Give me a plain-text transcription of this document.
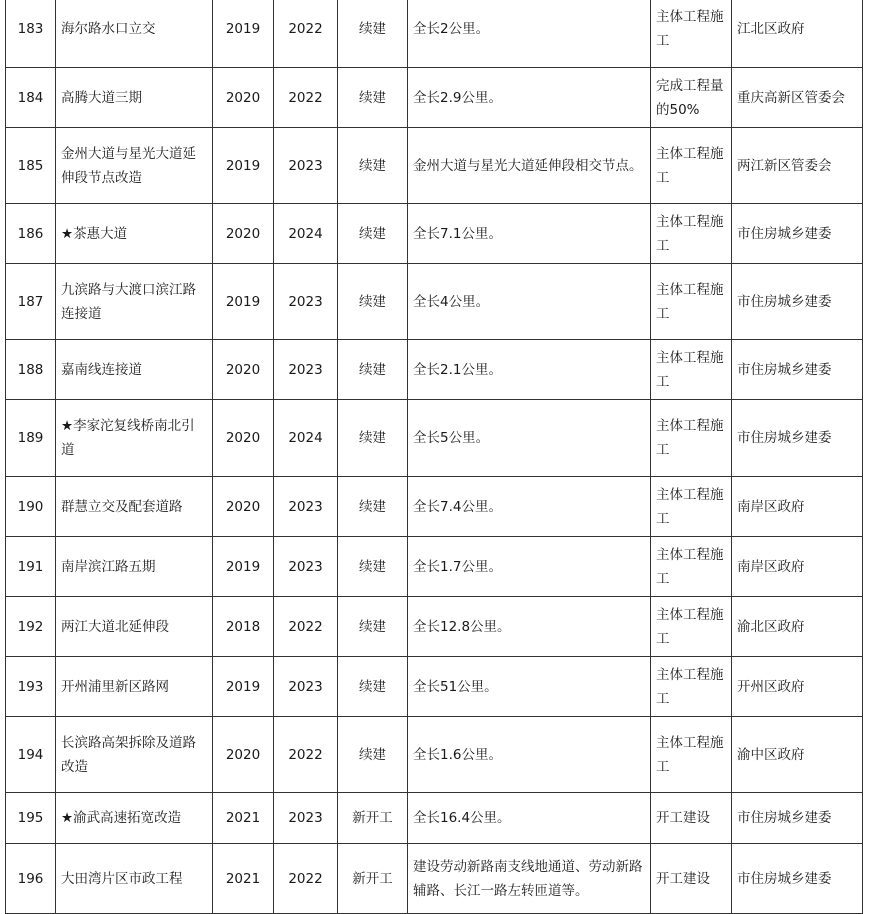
183	海尔路水口立交	2019	2022	续建	全长2公里。	主体工程施工	江北区政府
184	高腾大道三期	2020	2022	续建	全长2.9公里。	完成工程量的50%	重庆高新区管委会
185	金州大道与星光大道延伸段节点改造	2019	2023	续建	金州大道与星光大道延伸段相交节点。	主体工程施工	两江新区管委会
186	★茶惠大道	2020	2024	续建	全长7.1公里。	主体工程施工	市住房城乡建委
187	九滨路与大渡口滨江路连接道	2019	2023	续建	全长4公里。	主体工程施工	市住房城乡建委
188	嘉南线连接道	2020	2023	续建	全长2.1公里。	主体工程施工	市住房城乡建委
189	★李家沱复线桥南北引道	2020	2024	续建	全长5公里。	主体工程施工	市住房城乡建委
190	群慧立交及配套道路	2020	2023	续建	全长7.4公里。	主体工程施工	南岸区政府
191	南岸滨江路五期	2019	2023	续建	全长1.7公里。	主体工程施工	南岸区政府
192	两江大道北延伸段	2018	2022	续建	全长12.8公里。	主体工程施工	渝北区政府
193	开州浦里新区路网	2019	2023	续建	全长51公里。	主体工程施工	开州区政府
194	长滨路高架拆除及道路改造	2020	2022	续建	全长1.6公里。	主体工程施工	渝中区政府
195	★渝武高速拓宽改造	2021	2023	新开工	全长16.4公里。	开工建设	市住房城乡建委
196	大田湾片区市政工程	2021	2022	新开工	建设劳动新路南支线地通道、劳动新路辅路、长江一路左转匝道等。	开工建设	市住房城乡建委
